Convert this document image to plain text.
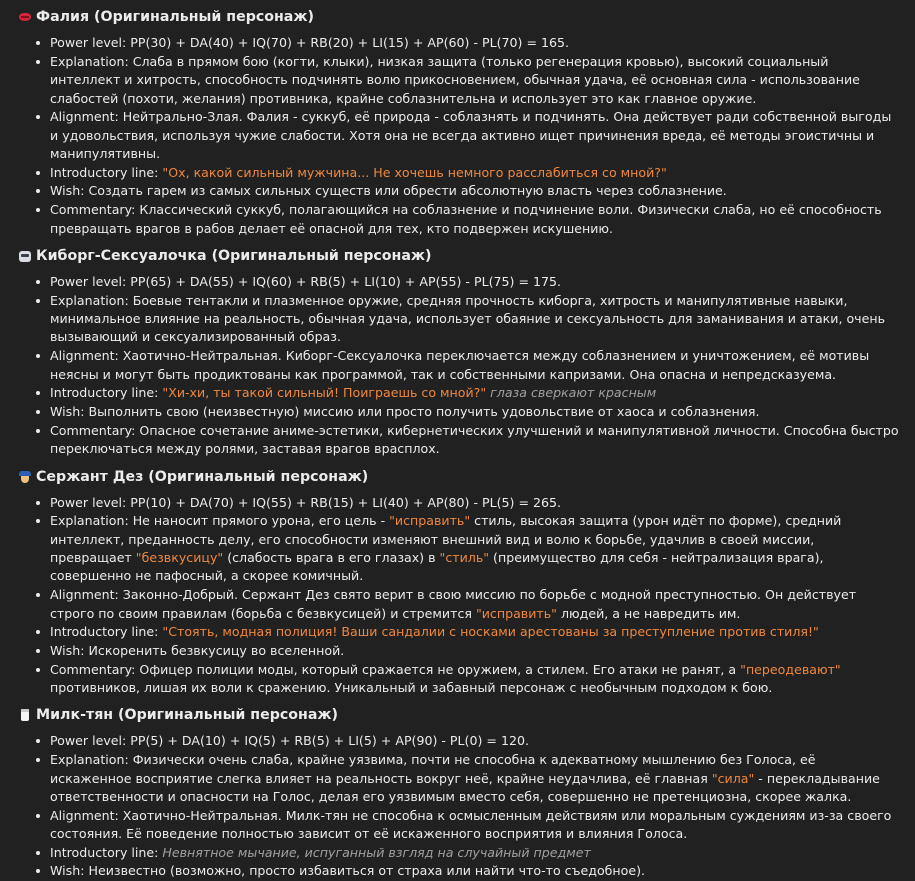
Фалия (Оригинальный персонаж)
Power level: PP(30) + DA(40) + IQ(70) + RB(20) + LI(15) + AP(60) - PL(70) = 165.
Explanation: Слаба в прямом бою (когти, клыки), низкая защита (только регенерация кровью), высокий социальный интеллект и хитрость, способность подчинять волю прикосновением, обычная удача, её основная сила - использование слабостей (похоти, желания) противника, крайне соблазнительна и использует это как главное оружие.
Alignment: Нейтрально-Злая. Фалия - суккуб, её природа - соблазнять и подчинять. Она действует ради собственной выгоды и удовольствия, используя чужие слабости. Хотя она не всегда активно ищет причинения вреда, её методы эгоистичны и манипулятивны.
Introductory line: "Ох, какой сильный мужчина... Не хочешь немного расслабиться со мной?"
Wish: Создать гарем из самых сильных существ или обрести абсолютную власть через соблазнение.
Commentary: Классический суккуб, полагающийся на соблазнение и подчинение воли. Физически слаба, но её способность превращать врагов в рабов делает её опасной для тех, кто подвержен искушению.
Киборг-Сексуалочка (Оригинальный персонаж)
Power level: PP(65) + DA(55) + IQ(60) + RB(5) + LI(10) + AP(55) - PL(75) = 175.
Explanation: Боевые тентакли и плазменное оружие, средняя прочность киборга, хитрость и манипулятивные навыки, минимальное влияние на реальность, обычная удача, использует обаяние и сексуальность для заманивания и атаки, очень вызывающий и сексуализированный образ.
Alignment: Хаотично-Нейтральная. Киборг-Сексуалочка переключается между соблазнением и уничтожением, её мотивы неясны и могут быть продиктованы как программой, так и собственными капризами. Она опасна и непредсказуема.
Introductory line: "Хи-хи, ты такой сильный! Поиграешь со мной?" глаза сверкают красным
Wish: Выполнить свою (неизвестную) миссию или просто получить удовольствие от хаоса и соблазнения.
Commentary: Опасное сочетание аниме-эстетики, кибернетических улучшений и манипулятивной личности. Способна быстро переключаться между ролями, заставая врагов врасплох.
Сержант Дез (Оригинальный персонаж)
Power level: PP(10) + DA(70) + IQ(55) + RB(15) + LI(40) + AP(80) - PL(5) = 265.
Explanation: Не наносит прямого урона, его цель - "исправить" стиль, высокая защита (урон идёт по форме), средний интеллект, преданность делу, его способности изменяют внешний вид и волю к борьбе, удачлив в своей миссии, превращает "безвкусицу" (слабость врага в его глазах) в "стиль" (преимущество для себя - нейтрализация врага), совершенно не пафосный, а скорее комичный.
Alignment: Законно-Добрый. Сержант Дез свято верит в свою миссию по борьбе с модной преступностью. Он действует строго по своим правилам (борьба с безвкусицей) и стремится "исправить" людей, а не навредить им.
Introductory line: "Стоять, модная полиция! Ваши сандалии с носками арестованы за преступление против стиля!"
Wish: Искоренить безвкусицу во вселенной.
Commentary: Офицер полиции моды, который сражается не оружием, а стилем. Его атаки не ранят, а "переодевают" противников, лишая их воли к сражению. Уникальный и забавный персонаж с необычным подходом к бою.
Милк-тян (Оригинальный персонаж)
Power level: PP(5) + DA(10) + IQ(5) + RB(5) + LI(5) + AP(90) - PL(0) = 120.
Explanation: Физически очень слаба, крайне уязвима, почти не способна к адекватному мышлению без Голоса, её искаженное восприятие слегка влияет на реальность вокруг неё, крайне неудачлива, её главная "сила" - перекладывание ответственности и опасности на Голос, делая его уязвимым вместо себя, совершенно не претенциозна, скорее жалка.
Alignment: Хаотично-Нейтральная. Милк-тян не способна к осмысленным действиям или моральным суждениям из-за своего состояния. Её поведение полностью зависит от её искаженного восприятия и влияния Голоса.
Introductory line: Невнятное мычание, испуганный взгляд на случайный предмет
Wish: Неизвестно (возможно, просто избавиться от страха или найти что-то съедобное).
